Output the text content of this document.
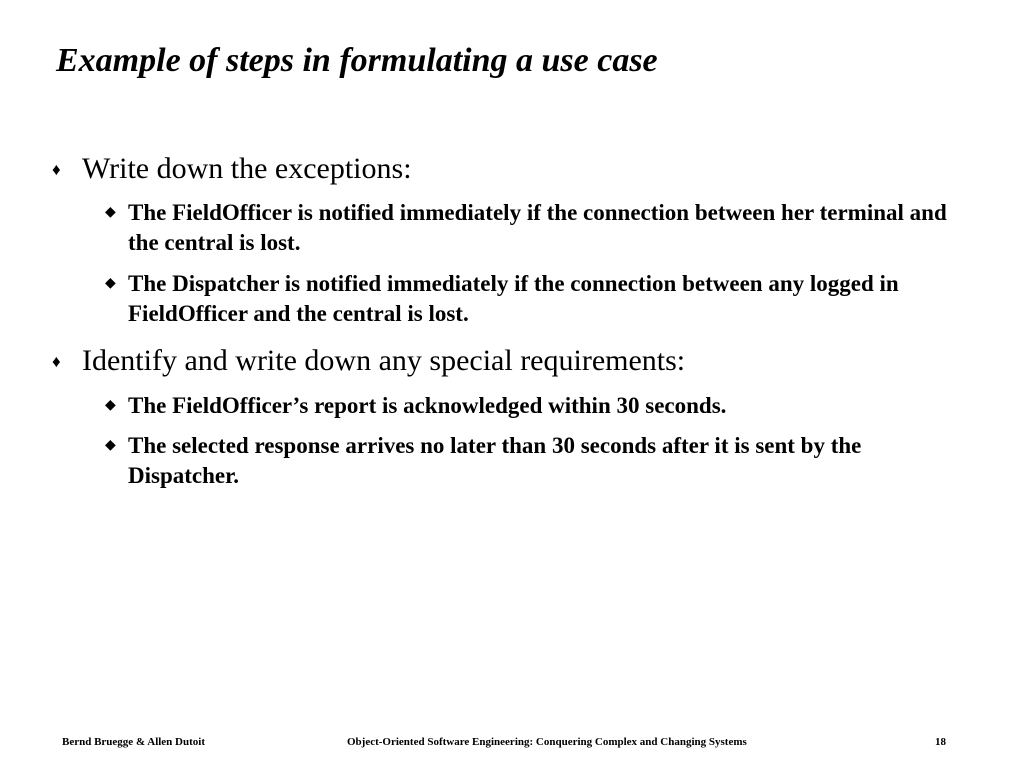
Example of steps in formulating a use case
♦ Write down the exceptions:
◆ The FieldOfficer is notified immediately if the connection between her terminal and the central is lost.
◆ The Dispatcher is notified immediately if the connection between any logged in FieldOfficer and the central is lost.
♦ Identify and write down any special requirements:
◆ The FieldOfficer’s report is acknowledged within 30 seconds.
◆ The selected response arrives no later than 30 seconds after it is sent by the Dispatcher.
Bernd Bruegge & Allen Dutoit	Object-Oriented Software Engineering: Conquering Complex and Changing Systems	18
